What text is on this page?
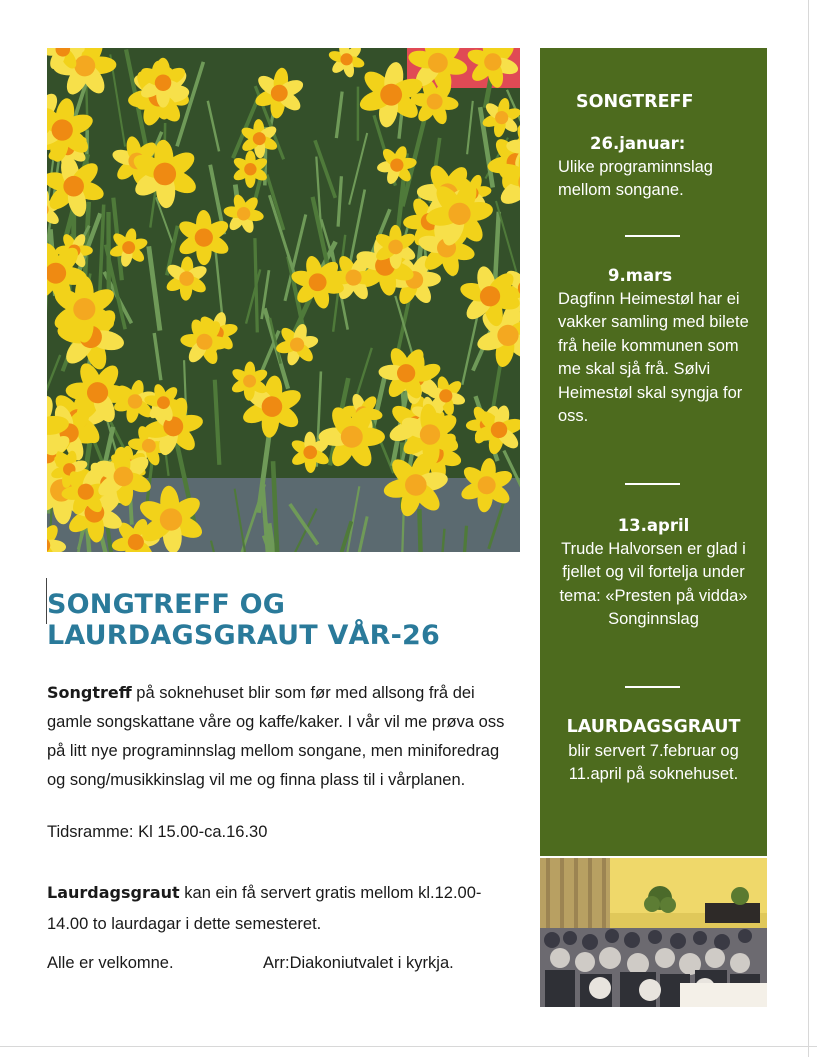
SONGTREFF OG
LAURDAGSGRAUT VÅR-26
Songtreff på soknehuset blir som før med allsong frå dei gamle songskattane våre og kaffe/kaker. I vår vil me prøva oss på litt nye programinnslag mellom songane, men miniforedrag og song/musikkinslag vil me og finna plass til i vårplanen.
Tidsramme: Kl 15.00-ca.16.30
Laurdagsgraut kan ein få servert gratis mellom kl.12.00-14.00 to laurdagar i dette semesteret.
Alle er velkomne.	Arr:Diakoniutvalet i kyrkja.
SONGTREFF
26.januar:
Ulike programinnslag mellom songane.
9.mars
Dagfinn Heimestøl har ei vakker samling med bilete frå heile kommunen som me skal sjå frå. Sølvi Heimestøl skal syngja for oss.
13.april
Trude Halvorsen er glad i fjellet og vil fortelja under tema: «Presten på vidda»
Songinnslag
LAURDAGSGRAUT
blir servert 7.februar og 11.april på soknehuset.
